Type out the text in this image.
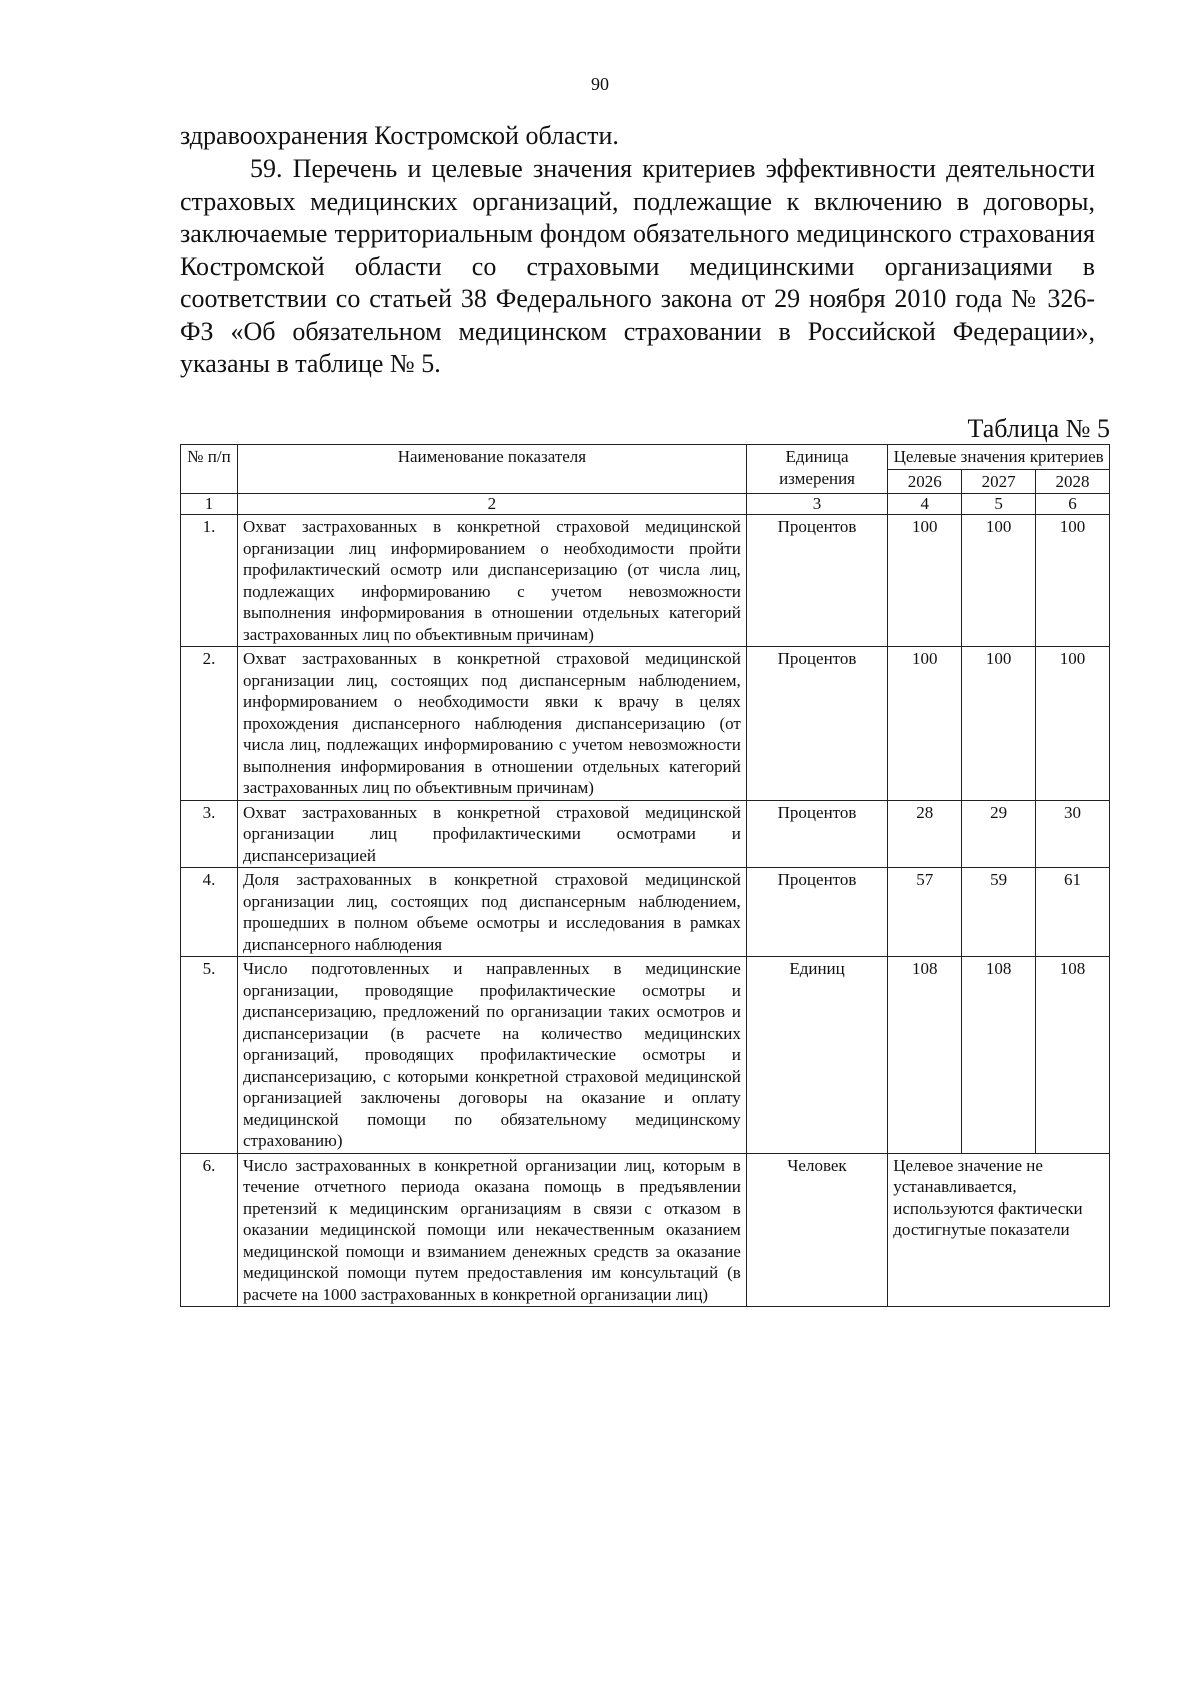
90
здравоохранения Костромской области.
59. Перечень и целевые значения критериев эффективности деятельности страховых медицинских организаций, подлежащие к включению в договоры, заключаемые территориальным фондом обязательного медицинского страхования Костромской области со страховыми медицинскими организациями в соответствии со статьей 38 Федерального закона от 29 ноября 2010 года № 326-ФЗ «Об обязательном медицинском страховании в Российской Федерации», указаны в таблице № 5.
Таблица № 5
№ п/п	Наименование показателя	Единица измерения	Целевые значения критериев		
			2026	2027	2028
1	2	3	4	5	6
1.	Охват застрахованных в конкретной страховой медицинской организации лиц информированием о необходимости пройти профилактический осмотр или диспансеризацию (от числа лиц, подлежащих информированию с учетом невозможности выполнения информирования в отношении отдельных категорий застрахованных лиц по объективным причинам)	Процентов	100	100	100
2.	Охват застрахованных в конкретной страховой медицинской организации лиц, состоящих под диспансерным наблюдением, информированием о необходимости явки к врачу в целях прохождения диспансерного наблюдения диспансеризацию (от числа лиц, подлежащих информированию с учетом невозможности выполнения информирования в отношении отдельных категорий застрахованных лиц по объективным причинам)	Процентов	100	100	100
3.	Охват застрахованных в конкретной страховой медицинской организации лиц профилактическими осмотрами и диспансеризацией	Процентов	28	29	30
4.	Доля застрахованных в конкретной страховой медицинской организации лиц, состоящих под диспансерным наблюдением, прошедших в полном объеме осмотры и исследования в рамках диспансерного наблюдения	Процентов	57	59	61
5.	Число подготовленных и направленных в медицинские организации, проводящие профилактические осмотры и диспансеризацию, предложений по организации таких осмотров и диспансеризации (в расчете на количество медицинских организаций, проводящих профилактические осмотры и диспансеризацию, с которыми конкретной страховой медицинской организацией заключены договоры на оказание и оплату медицинской помощи по обязательному медицинскому страхованию)	Единиц	108	108	108
6.	Число застрахованных в конкретной организации лиц, которым в течение отчетного периода оказана помощь в предъявлении претензий к медицинским организациям в связи с отказом в оказании медицинской помощи или некачественным оказанием медицинской помощи и взиманием денежных средств за оказание медицинской помощи путем предоставления им консультаций (в расчете на 1000 застрахованных в конкретной организации лиц)	Человек	Целевое значение не устанавливается, используются фактически достигнутые показатели		
